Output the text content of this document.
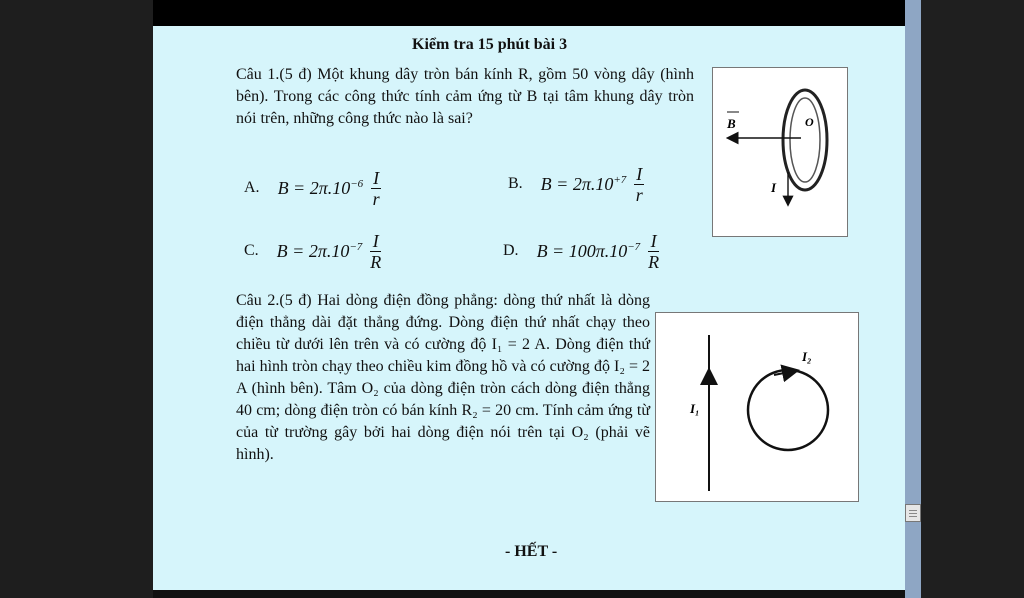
Kiểm tra 15 phút bài 3
Câu 1.(5 đ) Một khung dây tròn bán kính R, gồm 50 vòng dây (hình bên). Trong các công thức tính cảm ứng từ B tại tâm khung dây tròn nói trên, những công thức nào là sai?
A. $B = 2\pi.10^{-6} \frac{I}{r}$	B. $B = 2\pi.10^{+7} \frac{I}{r}$
C. $B = 2\pi.10^{-7} \frac{I}{R}$	D. $B = 100\pi.10^{-7} \frac{I}{R}$
B	O
I
Câu 2.(5 đ) Hai dòng điện đồng phẳng: dòng thứ nhất là dòng điện thẳng dài đặt thẳng đứng. Dòng điện thứ nhất chạy theo chiều từ dưới lên trên và có cường độ I₁ = 2 A. Dòng điện thứ hai hình tròn chạy theo chiều kim đồng hồ và có cường độ I₂ = 2 A (hình bên). Tâm O₂ của dòng điện tròn cách dòng điện thẳng 40 cm; dòng điện tròn có bán kính R₂ = 20 cm. Tính cảm ứng từ của từ trường gây bởi hai dòng điện nói trên tại O₂ (phải vẽ hình).
I₁
I₂
- HẾT -
